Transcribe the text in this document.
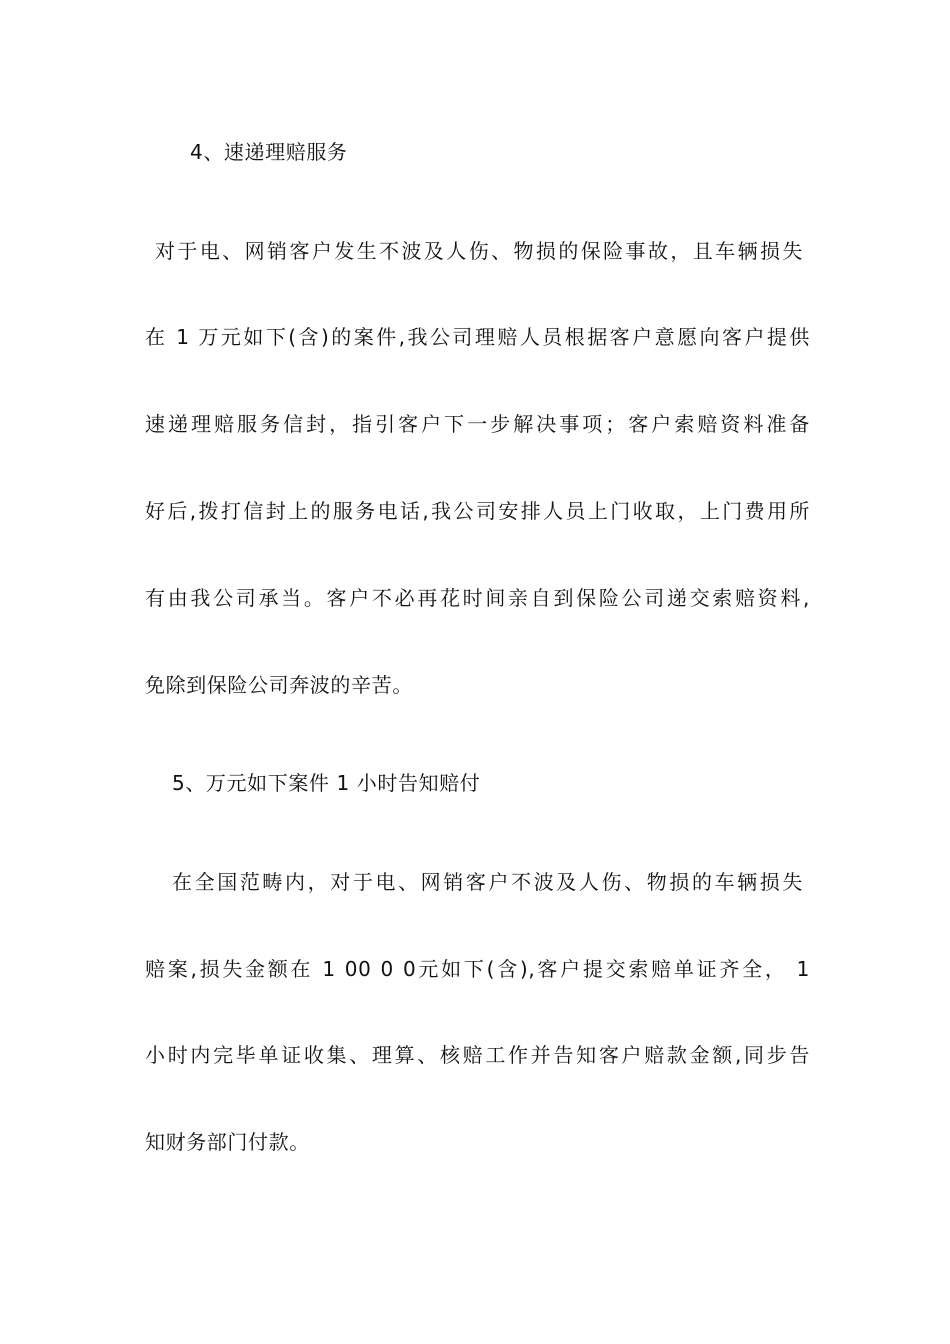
4、速递理赔服务
对于电、网销客户发生不波及人伤、物损的保险事故，且车辆损失
在 1 万元如下(含)的案件,我公司理赔人员根据客户意愿向客户提供
速递理赔服务信封，指引客户下一步解决事项；客户索赔资料准备
好后,拨打信封上的服务电话,我公司安排人员上门收取，上门费用所
有由我公司承当。客户不必再花时间亲自到保险公司递交索赔资料,
免除到保险公司奔波的辛苦。
5、万元如下案件 1 小时告知赔付
在全国范畴内，对于电、网销客户不波及人伤、物损的车辆损失
赔案,损失金额在 1 00 0 0元如下(含),客户提交索赔单证齐全， 1
小时内完毕单证收集、理算、核赔工作并告知客户赔款金额,同步告
知财务部门付款。
